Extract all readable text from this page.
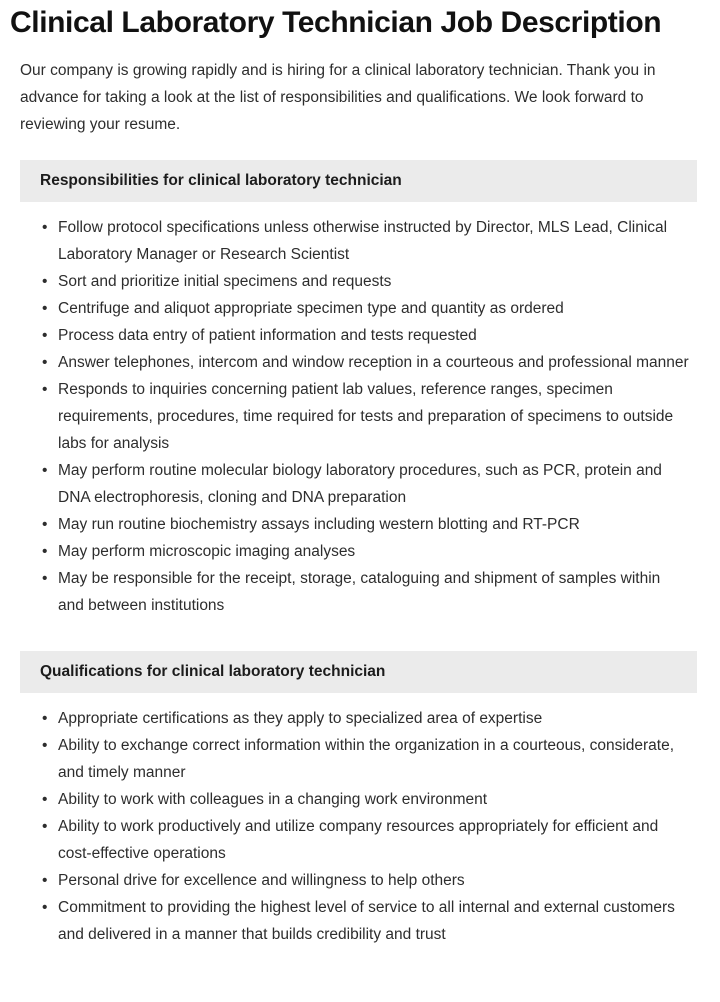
Clinical Laboratory Technician Job Description

Our company is growing rapidly and is hiring for a clinical laboratory technician. Thank you in advance for taking a look at the list of responsibilities and qualifications. We look forward to reviewing your resume.

Responsibilities for clinical laboratory technician
• Follow protocol specifications unless otherwise instructed by Director, MLS Lead, Clinical Laboratory Manager or Research Scientist
• Sort and prioritize initial specimens and requests
• Centrifuge and aliquot appropriate specimen type and quantity as ordered
• Process data entry of patient information and tests requested
• Answer telephones, intercom and window reception in a courteous and professional manner
• Responds to inquiries concerning patient lab values, reference ranges, specimen requirements, procedures, time required for tests and preparation of specimens to outside labs for analysis
• May perform routine molecular biology laboratory procedures, such as PCR, protein and DNA electrophoresis, cloning and DNA preparation
• May run routine biochemistry assays including western blotting and RT-PCR
• May perform microscopic imaging analyses
• May be responsible for the receipt, storage, cataloguing and shipment of samples within and between institutions
Qualifications for clinical laboratory technician
• Appropriate certifications as they apply to specialized area of expertise
• Ability to exchange correct information within the organization in a courteous, considerate, and timely manner
• Ability to work with colleagues in a changing work environment
• Ability to work productively and utilize company resources appropriately for efficient and cost-effective operations
• Personal drive for excellence and willingness to help others
• Commitment to providing the highest level of service to all internal and external customers and delivered in a manner that builds credibility and trust
